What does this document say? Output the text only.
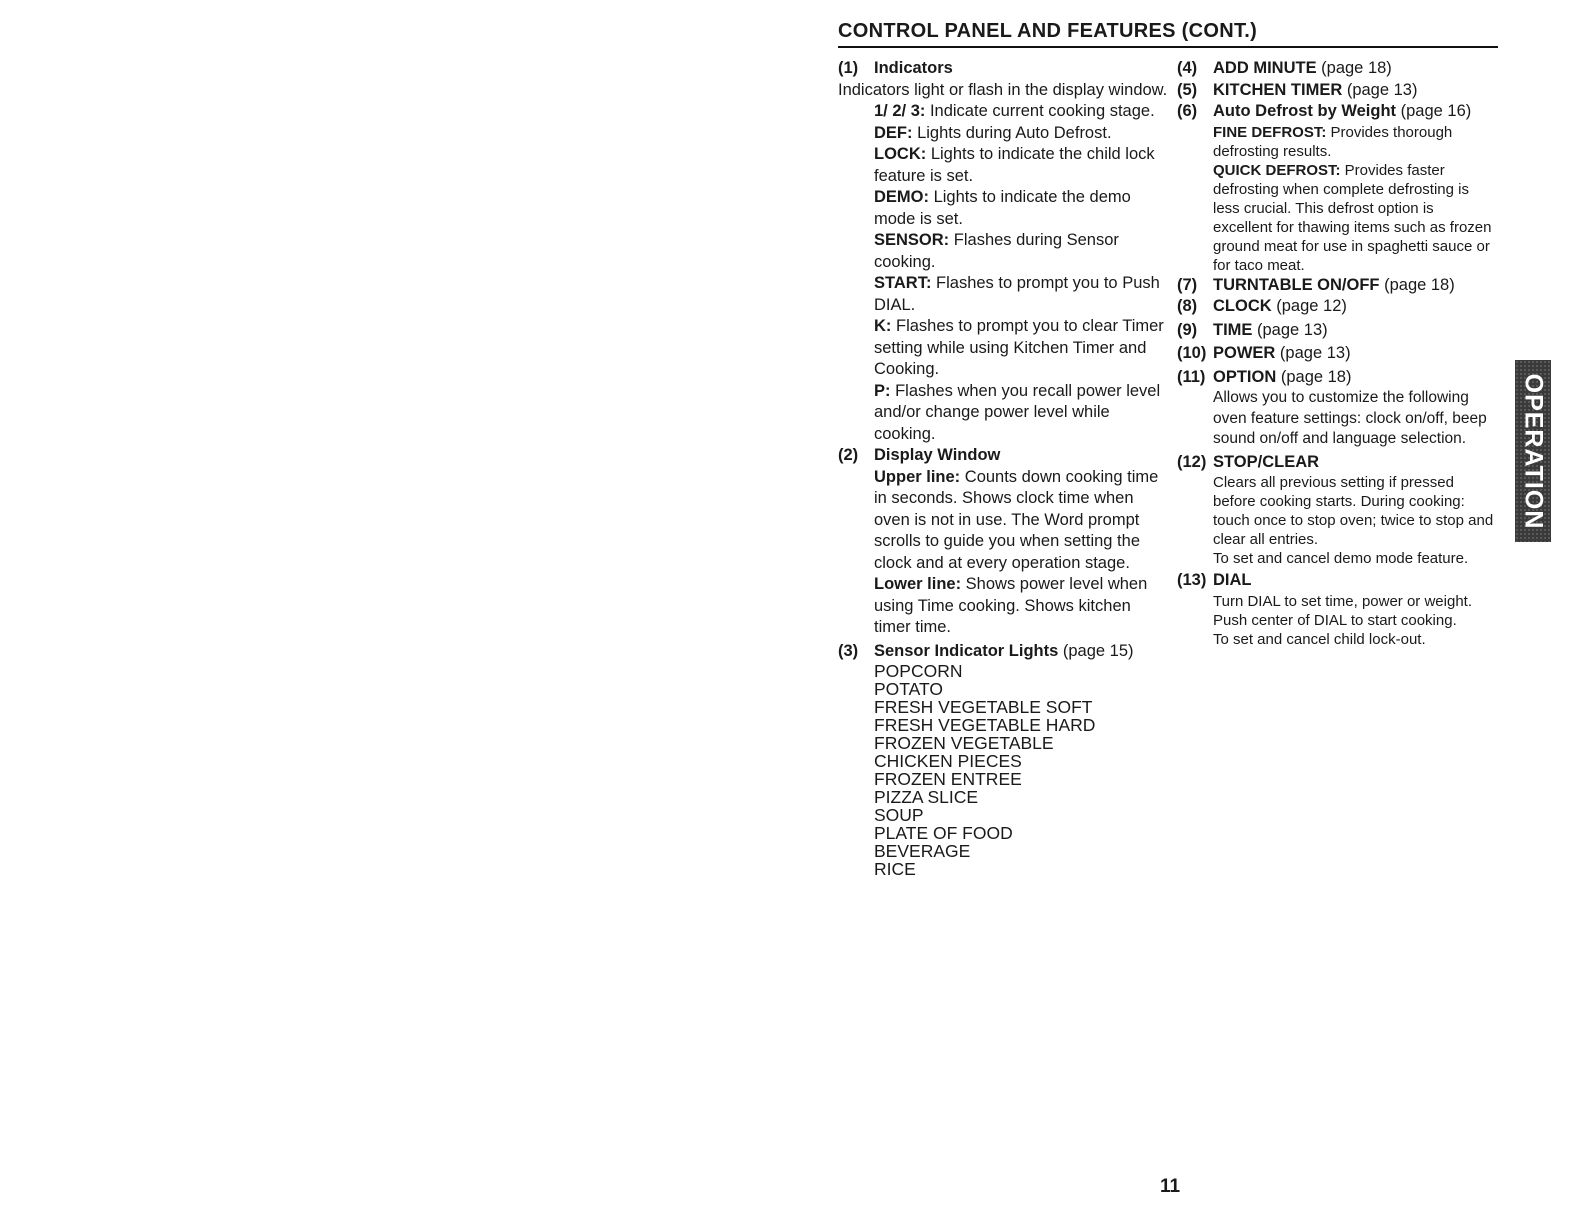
CONTROL PANEL AND FEATURES (CONT.)
(1) Indicators
Indicators light or flash in the display window.

1/ 2/ 3: Indicate current cooking stage.

DEF: Lights during Auto Defrost.

LOCK: Lights to indicate the child lock feature is set.

DEMO: Lights to indicate the demo mode is set.

SENSOR: Flashes during Sensor cooking.

START: Flashes to prompt you to Push DIAL.

K: Flashes to prompt you to clear Timer setting while using Kitchen Timer and Cooking.

P: Flashes when you recall power level and/or change power level while cooking.

(2) Display Window

Upper line: Counts down cooking time in seconds. Shows clock time when oven is not in use. The Word prompt scrolls to guide you when setting the clock and at every operation stage.

Lower line: Shows power level when using Time cooking. Shows kitchen timer time.

(3) Sensor Indicator Lights (page 15)
POPCORN
POTATO
FRESH VEGETABLE SOFT
FRESH VEGETABLE HARD
FROZEN VEGETABLE
CHICKEN PIECES
FROZEN ENTREE
PIZZA SLICE
SOUP
PLATE OF FOOD
BEVERAGE
RICE
(4) ADD MINUTE (page 18)
(5) KITCHEN TIMER (page 13)
(6) Auto Defrost by Weight (page 16)

FINE DEFROST: Provides thorough defrosting results.

QUICK DEFROST: Provides faster defrosting when complete defrosting is less crucial. This defrost option is excellent for thawing items such as frozen ground meat for use in spaghetti sauce or for taco meat.

(7) TURNTABLE ON/OFF (page 18)
(8) CLOCK (page 12)
(9) TIME (page 13)
(10) POWER (page 13)
(11) OPTION (page 18)

Allows you to customize the following oven feature settings: clock on/off, beep sound on/off and language selection.

(12) STOP/CLEAR

Clears all previous setting if pressed before cooking starts. During cooking: touch once to stop oven; twice to stop and clear all entries.

To set and cancel demo mode feature.

(13) DIAL

Turn DIAL to set time, power or weight.

Push center of DIAL to start cooking.

To set and cancel child lock-out.

OPERATION
11
